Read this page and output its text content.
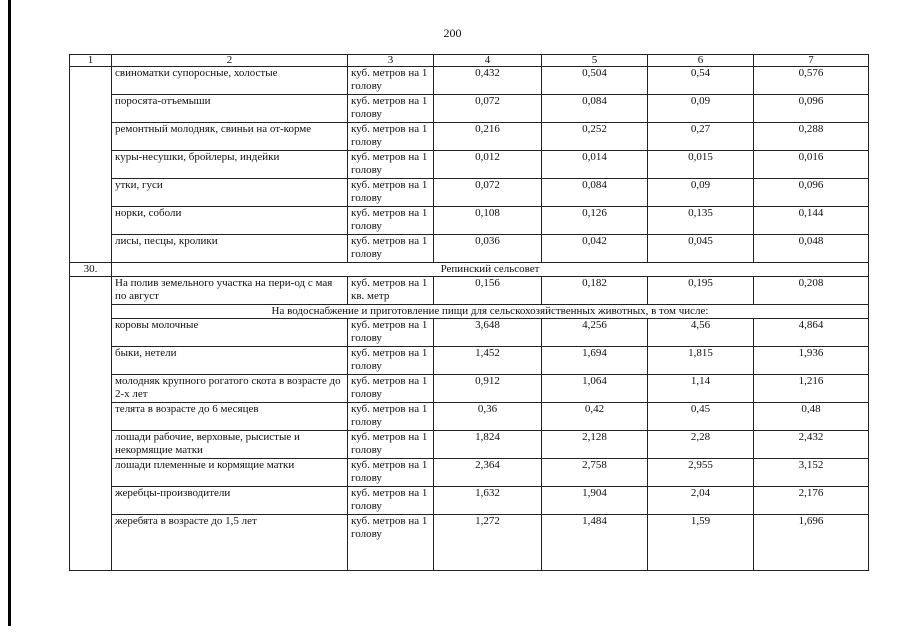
200
1	2	3	4	5	6	7
	свиноматки супоросные, холостые	куб. метров на 1 голову	0,432	0,504	0,54	0,576
	поросята-отъемыши	куб. метров на 1 голову	0,072	0,084	0,09	0,096
	ремонтный молодняк, свиньи на от-корме	куб. метров на 1 голову	0,216	0,252	0,27	0,288
	куры-несушки, бройлеры, индейки	куб. метров на 1 голову	0,012	0,014	0,015	0,016
	утки, гуси	куб. метров на 1 голову	0,072	0,084	0,09	0,096
	норки, соболи	куб. метров на 1 голову	0,108	0,126	0,135	0,144
	лисы, песцы, кролики	куб. метров на 1 голову	0,036	0,042	0,045	0,048
30.	Репинский сельсовет					
	На полив земельного участка на пери-од с мая по август	куб. метров на 1 кв. метр	0,156	0,182	0,195	0,208
	На водоснабжение и приготовление пищи для сельскохозяйственных животных, в том числе:					
	коровы молочные	куб. метров на 1 голову	3,648	4,256	4,56	4,864
	быки, нетели	куб. метров на 1 голову	1,452	1,694	1,815	1,936
	молодняк крупного рогатого скота в возрасте до 2-х лет	куб. метров на 1 голову	0,912	1,064	1,14	1,216
	телята в возрасте до 6 месяцев	куб. метров на 1 голову	0,36	0,42	0,45	0,48
	лошади рабочие, верховые, рысистые и некормящие матки	куб. метров на 1 голову	1,824	2,128	2,28	2,432
	лошади племенные и кормящие матки	куб. метров на 1 голову	2,364	2,758	2,955	3,152
	жеребцы-производители	куб. метров на 1 голову	1,632	1,904	2,04	2,176
	жеребята в возрасте до 1,5 лет	куб. метров на 1 голову	1,272	1,484	1,59	1,696
